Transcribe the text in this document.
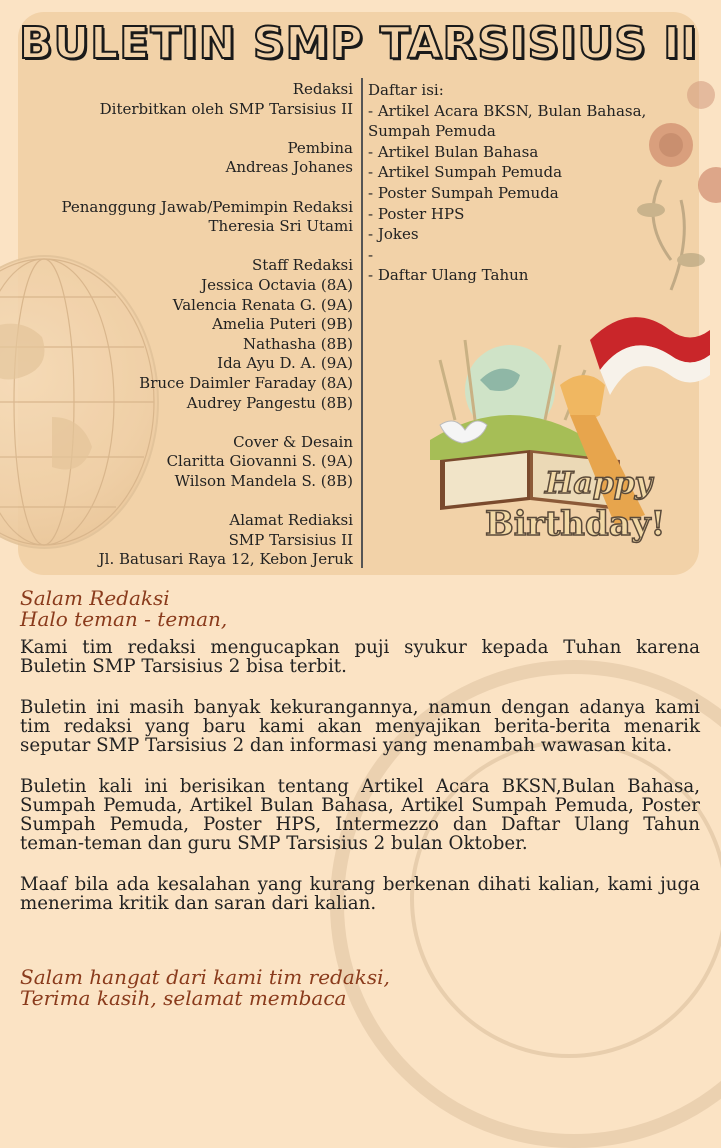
BULETIN SMP TARSISIUS II
Redaksi
Diterbitkan oleh SMP Tarsisius II
Pembina
Andreas Johanes
Penanggung Jawab/Pemimpin Redaksi
Theresia Sri Utami
Staff Redaksi
Jessica Octavia (8A)
Valencia Renata G. (9A)
Amelia Puteri (9B)
Nathasha (8B)
Ida Ayu D. A. (9A)
Bruce Daimler Faraday (8A)
Audrey Pangestu (8B)
Cover & Desain
Claritta Giovanni S. (9A)
Wilson Mandela S. (8B)
Alamat Rediaksi
SMP Tarsisius II
Jl. Batusari Raya 12, Kebon Jeruk
Daftar isi:
- Artikel Acara BKSN, Bulan Bahasa, Sumpah Pemuda
- Artikel Bulan Bahasa
- Artikel Sumpah Pemuda
- Poster Sumpah Pemuda
- Poster HPS
- Jokes
-
- Daftar Ulang Tahun
Happy
Birthday!
Salam Redaksi
Halo teman - teman,

Kami tim redaksi mengucapkan puji syukur kepada Tuhan karena Buletin SMP Tarsisius 2 bisa terbit.

Buletin ini masih banyak kekurangannya, namun dengan adanya kami tim redaksi yang baru kami akan menyajikan berita-berita menarik seputar SMP Tarsisius 2 dan informasi yang menambah wawasan kita.

Buletin kali ini berisikan tentang Artikel Acara BKSN,Bulan Bahasa, Sumpah Pemuda, Artikel Bulan Bahasa, Artikel Sumpah Pemuda, Poster Sumpah Pemuda, Poster HPS, Intermezzo dan Daftar Ulang Tahun teman-teman dan guru SMP Tarsisius 2 bulan Oktober.

Maaf bila ada kesalahan yang kurang berkenan dihati kalian, kami juga menerima kritik dan saran dari kalian.

Salam hangat dari kami tim redaksi,
Terima kasih, selamat membaca
